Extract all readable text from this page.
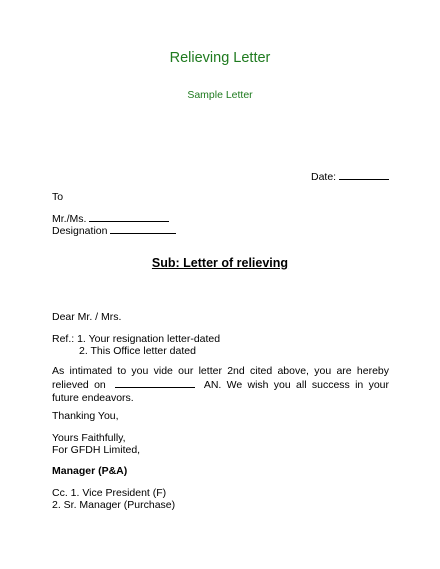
Relieving Letter
Sample Letter
Date:
To
Mr./Ms.
Designation
Sub: Letter of relieving
Dear Mr. / Mrs.
Ref.: 1. Your resignation letter-dated
2. This Office letter dated
As intimated to you vide our letter 2nd cited above, you are hereby relieved on	AN. We wish you all success in your future endeavors.
Thanking You,
Yours Faithfully,
For GFDH Limited,
Manager (P&A)
Cc. 1. Vice President (F)
2. Sr. Manager (Purchase)
